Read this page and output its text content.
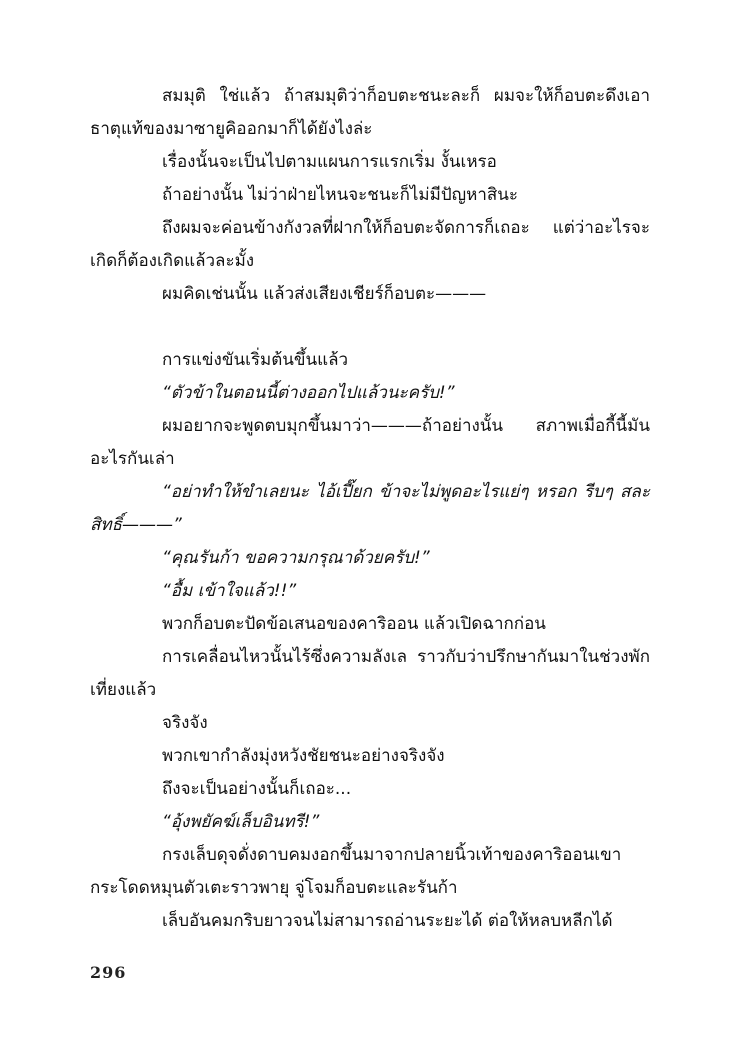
สมมุติ ใช่แล้ว ถ้าสมมุติว่าก็อบตะชนะละก็ ผมจะให้ก็อบตะดึงเอาธาตุแท้ของมาซายูคิออกมาก็ได้ยังไงล่ะ

เรื่องนั้นจะเป็นไปตามแผนการแรกเริ่ม งั้นเหรอ

ถ้าอย่างนั้น ไม่ว่าฝ่ายไหนจะชนะก็ไม่มีปัญหาสินะ

ถึงผมจะค่อนข้างกังวลที่ฝากให้ก็อบตะจัดการก็เถอะ แต่ว่าอะไรจะเกิดก็ต้องเกิดแล้วละมั้ง

ผมคิดเช่นนั้น แล้วส่งเสียงเชียร์ก็อบตะ———

การแข่งขันเริ่มต้นขึ้นแล้ว

“ตัวข้าในตอนนี้ต่างออกไปแล้วนะครับ!”

ผมอยากจะพูดตบมุกขึ้นมาว่า———ถ้าอย่างนั้น สภาพเมื่อกี้นี้มันอะไรกันเล่า

“อย่าทำให้ขำเลยนะ ไอ้เปี๊ยก ข้าจะไม่พูดอะไรแย่ๆ หรอก รีบๆ สละสิทธิ์———”

“คุณรันก้า ขอความกรุณาด้วยครับ!”

“อื้ม เข้าใจแล้ว!!”

พวกก็อบตะปัดข้อเสนอของคาริออน แล้วเปิดฉากก่อน

การเคลื่อนไหวนั้นไร้ซึ่งความลังเล ราวกับว่าปรึกษากันมาในช่วงพักเที่ยงแล้ว

จริงจัง

พวกเขากำลังมุ่งหวังชัยชนะอย่างจริงจัง

ถึงจะเป็นอย่างนั้นก็เถอะ...

“อุ้งพยัคฆ์เล็บอินทรี!”

กรงเล็บดุจดั่งดาบคมงอกขึ้นมาจากปลายนิ้วเท้าของคาริออนเขากระโดดหมุนตัวเตะราวพายุ จู่โจมก็อบตะและรันก้า

เล็บอันคมกริบยาวจนไม่สามารถอ่านระยะได้ ต่อให้หลบหลีกได้

296
